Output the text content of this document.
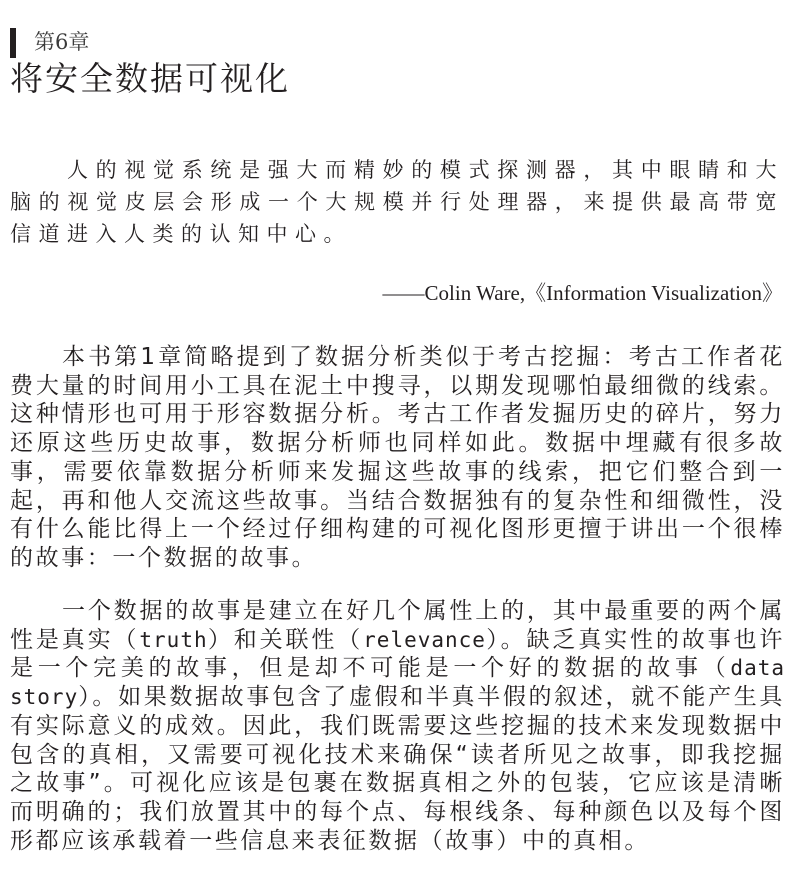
第6章
将安全数据可视化
人的视觉系统是强大而精妙的模式探测器，其中眼睛和大脑的视觉皮层会形成一个大规模并行处理器，来提供最高带宽信道进入人类的认知中心。
——Colin Ware,《Information Visualization》

本书第1章简略提到了数据分析类似于考古挖掘：考古工作者花费大量的时间用小工具在泥土中搜寻，以期发现哪怕最细微的线索。这种情形也可用于形容数据分析。考古工作者发掘历史的碎片，努力还原这些历史故事，数据分析师也同样如此。数据中埋藏有很多故事，需要依靠数据分析师来发掘这些故事的线索，把它们整合到一起，再和他人交流这些故事。当结合数据独有的复杂性和细微性，没有什么能比得上一个经过仔细构建的可视化图形更擅于讲出一个很棒的故事：一个数据的故事。

一个数据的故事是建立在好几个属性上的，其中最重要的两个属性是真实（truth）和关联性（relevance）。缺乏真实性的故事也许是一个完美的故事，但是却不可能是一个好的数据的故事（data story）。如果数据故事包含了虚假和半真半假的叙述，就不能产生具有实际意义的成效。因此，我们既需要这些挖掘的技术来发现数据中包含的真相，又需要可视化技术来确保“读者所见之故事，即我挖掘之故事”。可视化应该是包裹在数据真相之外的包装，它应该是清晰而明确的；我们放置其中的每个点、每根线条、每种颜色以及每个图形都应该承载着一些信息来表征数据（故事）中的真相。
